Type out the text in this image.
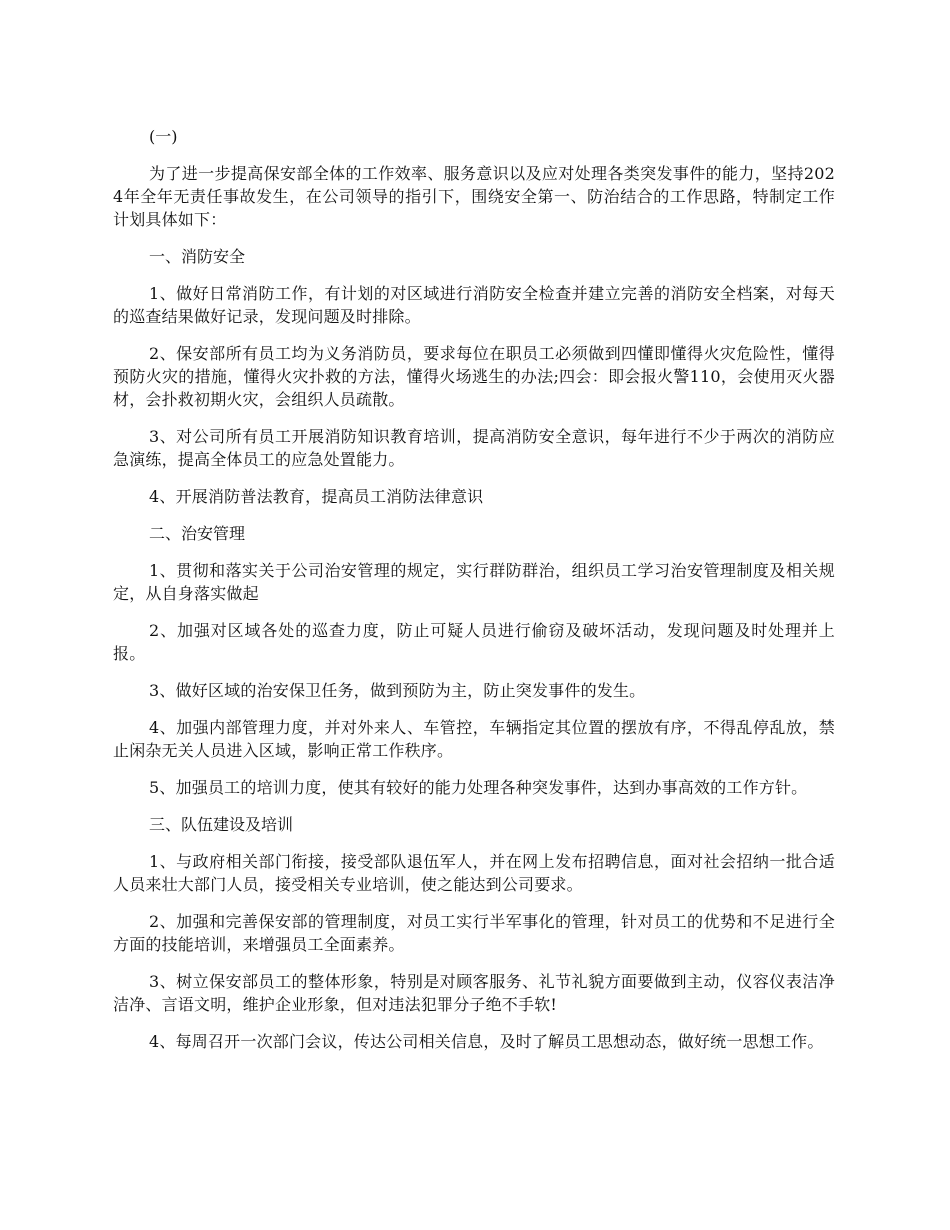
(一)

为了进一步提高保安部全体的工作效率、服务意识以及应对处理各类突发事件的能力，坚持2024年全年无责任事故发生，在公司领导的指引下，围绕安全第一、防治结合的工作思路，特制定工作计划具体如下：

一、消防安全

1、做好日常消防工作，有计划的对区域进行消防安全检查并建立完善的消防安全档案，对每天的巡查结果做好记录，发现问题及时排除。

2、保安部所有员工均为义务消防员，要求每位在职员工必须做到四懂即懂得火灾危险性，懂得预防火灾的措施，懂得火灾扑救的方法，懂得火场逃生的办法;四会：即会报火警110，会使用灭火器材，会扑救初期火灾，会组织人员疏散。

3、对公司所有员工开展消防知识教育培训，提高消防安全意识，每年进行不少于两次的消防应急演练，提高全体员工的应急处置能力。

4、开展消防普法教育，提高员工消防法律意识

二、治安管理

1、贯彻和落实关于公司治安管理的规定，实行群防群治，组织员工学习治安管理制度及相关规定，从自身落实做起

2、加强对区域各处的巡查力度，防止可疑人员进行偷窃及破坏活动，发现问题及时处理并上报。

3、做好区域的治安保卫任务，做到预防为主，防止突发事件的发生。

4、加强内部管理力度，并对外来人、车管控，车辆指定其位置的摆放有序，不得乱停乱放，禁止闲杂无关人员进入区域，影响正常工作秩序。

5、加强员工的培训力度，使其有较好的能力处理各种突发事件，达到办事高效的工作方针。

三、队伍建设及培训

1、与政府相关部门衔接，接受部队退伍军人，并在网上发布招聘信息，面对社会招纳一批合适人员来壮大部门人员，接受相关专业培训，使之能达到公司要求。

2、加强和完善保安部的管理制度，对员工实行半军事化的管理，针对员工的优势和不足进行全方面的技能培训，来增强员工全面素养。

3、树立保安部员工的整体形象，特别是对顾客服务、礼节礼貌方面要做到主动，仪容仪表洁净洁净、言语文明，维护企业形象，但对违法犯罪分子绝不手软!

4、每周召开一次部门会议，传达公司相关信息，及时了解员工思想动态，做好统一思想工作。
